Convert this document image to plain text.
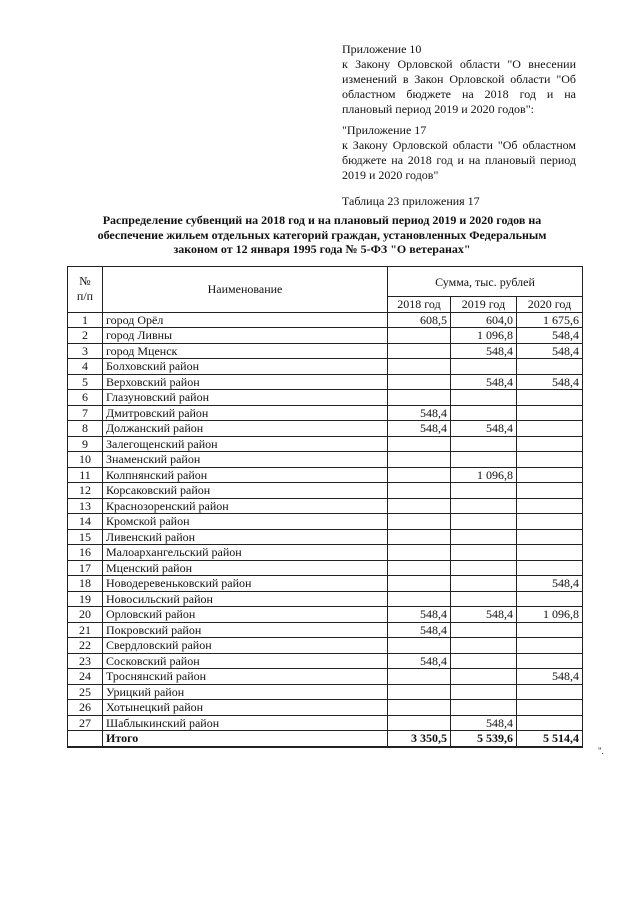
Приложение 10

к Закону Орловской области "О внесении изменений в Закон Орловской области "Об областном бюджете на 2018 год и на плановый период 2019 и 2020 годов":

"Приложение 17

к Закону Орловской области "Об областном бюджете на 2018 год и на плановый период 2019 и 2020 годов"

Таблица 23 приложения 17
Распределение субвенций на 2018 год и на плановый период 2019 и 2020 годов на обеспечение жильем отдельных категорий граждан, установленных Федеральным законом от 12 января 1995 года № 5-ФЗ "О ветеранах"
№ п/п	Наименование	Сумма, тыс. рублей		
		2018 год	2019 год	2020 год
1	город Орёл	608,5	604,0	1 675,6
2	город Ливны		1 096,8	548,4
3	город Мценск		548,4	548,4
4	Болховский район			
5	Верховский район		548,4	548,4
6	Глазуновский район			
7	Дмитровский район	548,4		
8	Должанский район	548,4	548,4	
9	Залегощенский район			
10	Знаменский район			
11	Колпнянский район		1 096,8	
12	Корсаковский район			
13	Краснозоренский район			
14	Кромской район			
15	Ливенский район			
16	Малоархангельский район			
17	Мценский район			
18	Новодеревеньковский район			548,4
19	Новосильский район			
20	Орловский район	548,4	548,4	1 096,8
21	Покровский район	548,4		
22	Свердловский район			
23	Сосковский район	548,4		
24	Троснянский район			548,4
25	Урицкий район			
26	Хотынецкий район			
27	Шаблыкинский район		548,4	
	Итого	3 350,5	5 539,6	5 514,4
".
